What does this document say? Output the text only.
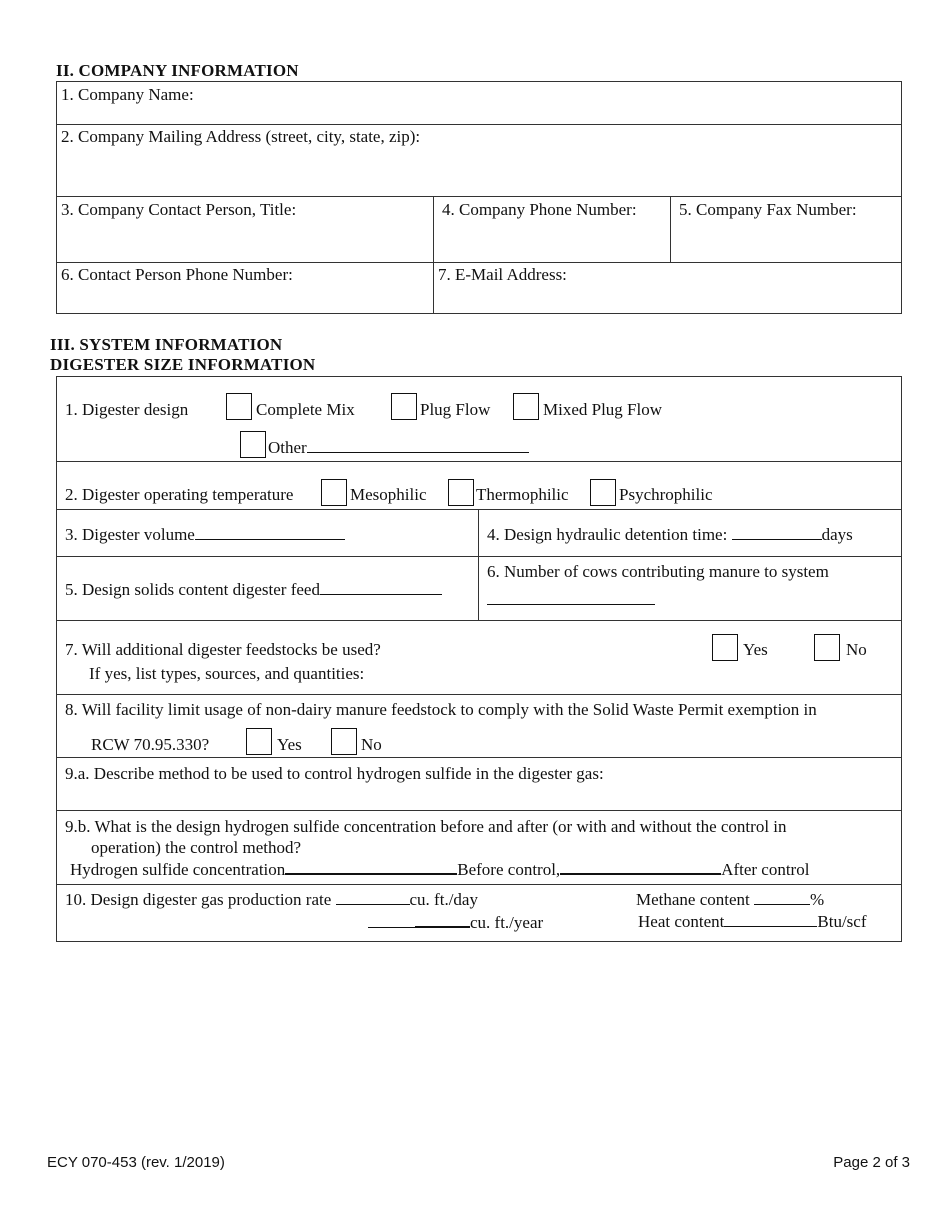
II. COMPANY INFORMATION
1. Company Name:
2. Company Mailing Address (street, city, state, zip):
3. Company Contact Person, Title:	4. Company Phone Number: 5. Company Fax Number:
6. Contact Person Phone Number:	7. E-Mail Address:
III. SYSTEM INFORMATION
DIGESTER SIZE INFORMATION
1. Digester design	Complete Mix	Plug Flow	Mixed Plug Flow
Other
2. Digester operating temperature	Mesophilic	Thermophilic	Psychrophilic
3. Digester volume	4. Design hydraulic detention time:	days
5. Design solids content digester feed
6. Number of cows contributing manure to system
7. Will additional digester feedstocks be used?
If yes, list types, sources, and quantities:
Yes	No
8. Will facility limit usage of non-dairy manure feedstock to comply with the Solid Waste Permit exemption in
RCW 70.95.330?	Yes	No
9.a. Describe method to be used to control hydrogen sulfide in the digester gas:
9.b. What is the design hydrogen sulfide concentration before and after (or with and without the control in
operation) the control method?
Hydrogen sulfide concentration	Before control,	After control
10. Design digester gas production rate	cu. ft./day
cu. ft./year
Methane content	%
Heat content	Btu/scf
ECY 070-453 (rev. 1/2019)	Page 2 of 3
